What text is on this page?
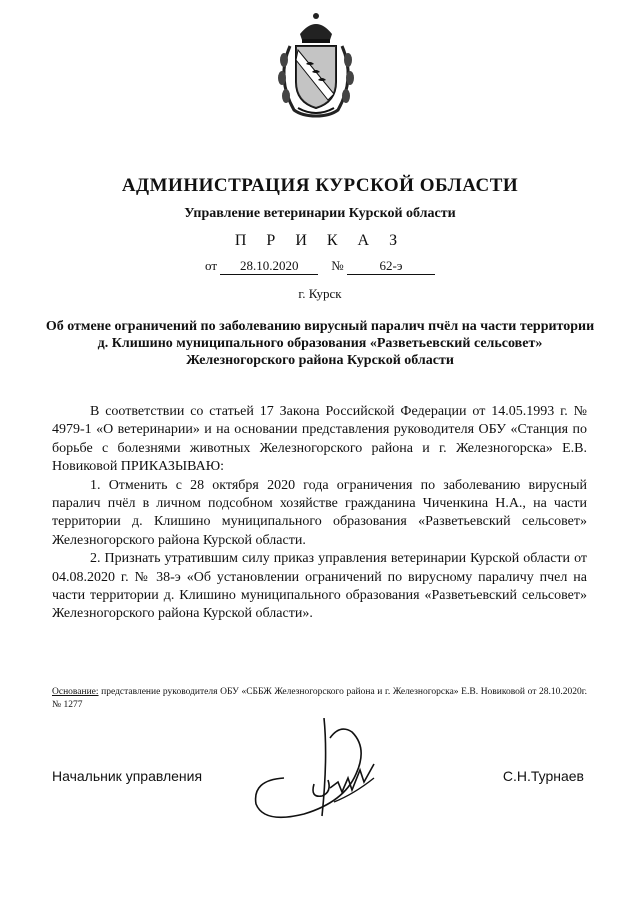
АДМИНИСТРАЦИЯ КУРСКОЙ ОБЛАСТИ
Управление ветеринарии Курской области
П Р И К А З
от 28.10.2020	№	62-э
г. Курск
Об отмене ограничений по заболеванию вирусный паралич пчёл на части территории д. Клишино муниципального образования «Разветьевский сельсовет» Железногорского района Курской области

В соответствии со статьей 17 Закона Российской Федерации от 14.05.1993 г. № 4979-1 «О ветеринарии» и на основании представления руководителя ОБУ «Станция по борьбе с болезнями животных Железногорского района и г. Железногорска» Е.В. Новиковой ПРИКАЗЫВАЮ:

1. Отменить с 28 октября 2020 года ограничения по заболеванию вирусный паралич пчёл в личном подсобном хозяйстве гражданина Чиченкина Н.А., на части территории д. Клишино муниципального образования «Разветьевский сельсовет» Железногорского района Курской области.

2. Признать утратившим силу приказ управления ветеринарии Курской области от 04.08.2020 г. № 38-э «Об установлении ограничений по вирусному параличу пчел на части территории д. Клишино муниципального образования «Разветьевский сельсовет» Железногорского района Курской области».

Основание: представление руководителя ОБУ «СББЖ Железногорского района и г. Железногорска» Е.В. Новиковой от 28.10.2020г. № 1277
Начальник управления	С.Н.Турнаев
